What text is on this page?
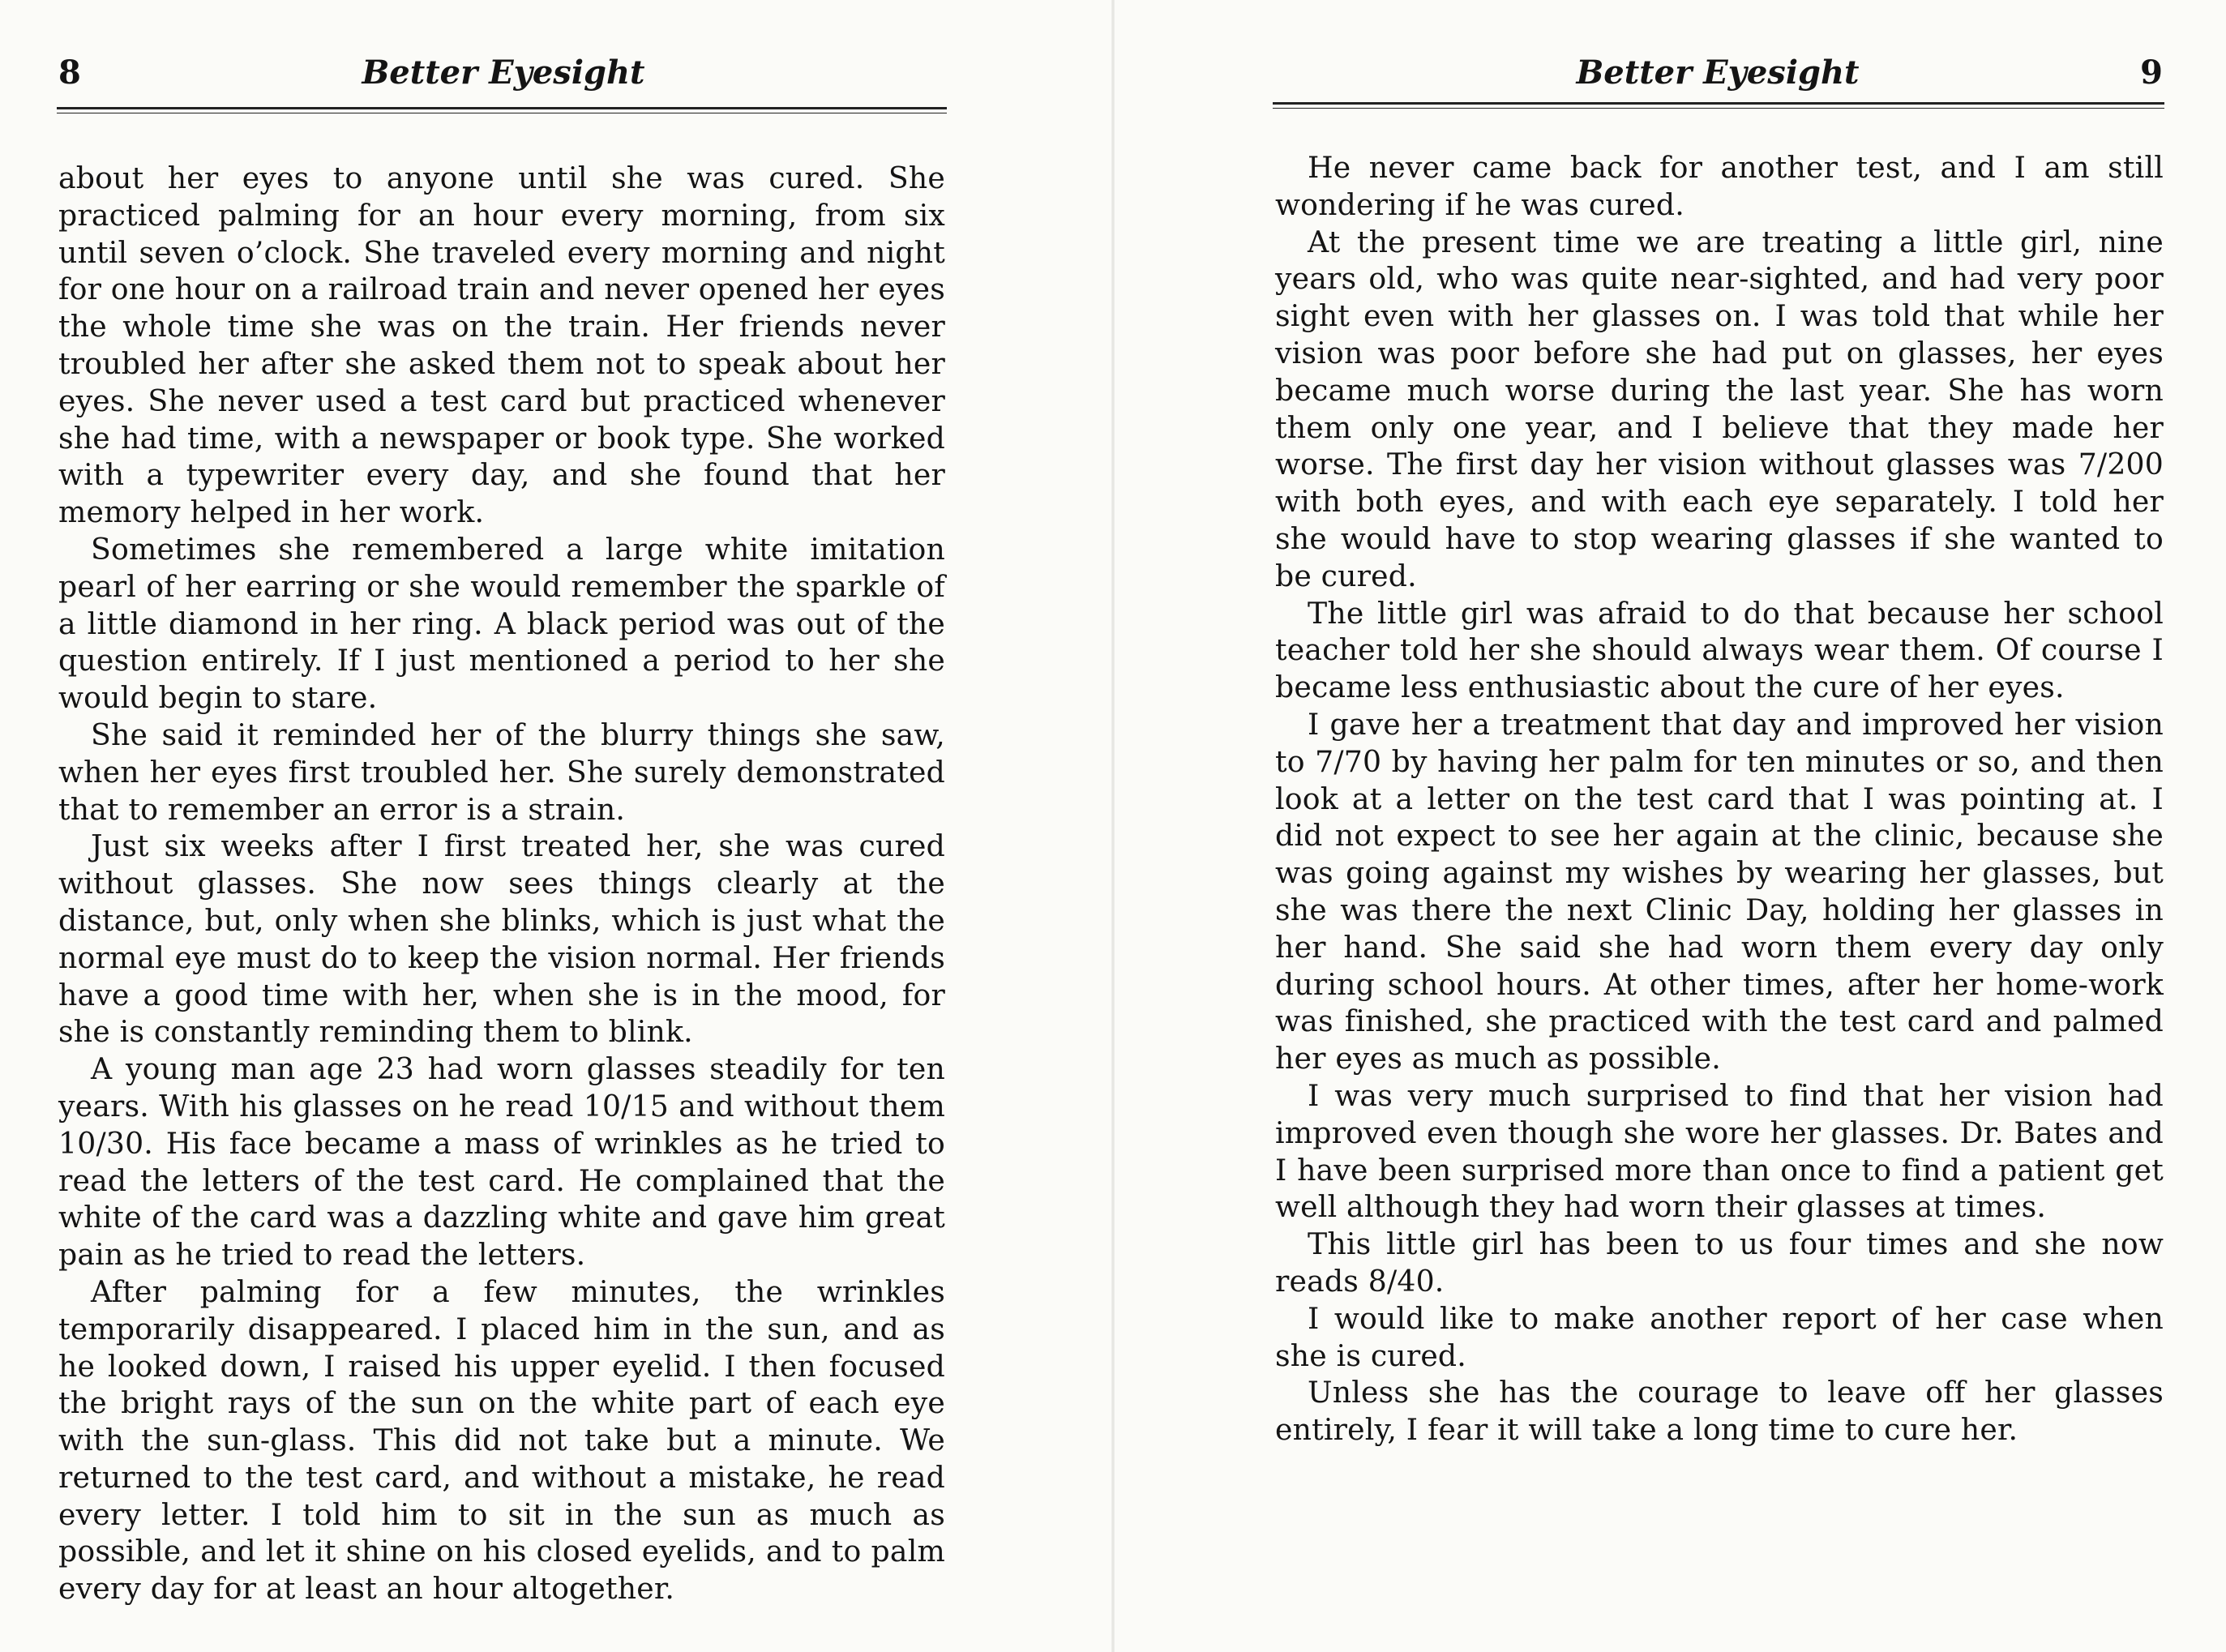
8	Better Eyesight

about her eyes to anyone until she was cured. She practiced palming for an hour every morning, from six until seven o’clock. She traveled every morning and night for one hour on a railroad train and never opened her eyes the whole time she was on the train. Her friends never troubled her after she asked them not to speak about her eyes. She never used a test card but practiced whenever she had time, with a newspaper or book type. She worked with a typewriter every day, and she found that her memory helped in her work.

Sometimes she remembered a large white imitation pearl of her earring or she would remember the sparkle of a little diamond in her ring. A black period was out of the question entirely. If I just mentioned a period to her she would begin to stare.

She said it reminded her of the blurry things she saw, when her eyes first troubled her. She surely demonstrated that to remember an error is a strain.

Just six weeks after I first treated her, she was cured without glasses. She now sees things clearly at the distance, but, only when she blinks, which is just what the normal eye must do to keep the vision normal. Her friends have a good time with her, when she is in the mood, for she is constantly reminding them to blink.

A young man age 23 had worn glasses steadily for ten years. With his glasses on he read 10/15 and without them 10/30. His face became a mass of wrinkles as he tried to read the letters of the test card. He complained that the white of the card was a dazzling white and gave him great pain as he tried to read the letters.

After palming for a few minutes, the wrinkles temporarily disappeared. I placed him in the sun, and as he looked down, I raised his upper eyelid. I then focused the bright rays of the sun on the white part of each eye with the sun-glass. This did not take but a minute. We returned to the test card, and without a mistake, he read every letter. I told him to sit in the sun as much as possible, and let it shine on his closed eyelids, and to palm every day for at least an hour altogether.

Better Eyesight	9

He never came back for another test, and I am still wondering if he was cured.

At the present time we are treating a little girl, nine years old, who was quite near-sighted, and had very poor sight even with her glasses on. I was told that while her vision was poor before she had put on glasses, her eyes became much worse during the last year. She has worn them only one year, and I believe that they made her worse. The first day her vision without glasses was 7/200 with both eyes, and with each eye separately. I told her she would have to stop wearing glasses if she wanted to be cured.

The little girl was afraid to do that because her school teacher told her she should always wear them. Of course I became less enthusiastic about the cure of her eyes.

I gave her a treatment that day and improved her vision to 7/70 by having her palm for ten minutes or so, and then look at a letter on the test card that I was pointing at. I did not expect to see her again at the clinic, because she was going against my wishes by wearing her glasses, but she was there the next Clinic Day, holding her glasses in her hand. She said she had worn them every day only during school hours. At other times, after her home-work was finished, she practiced with the test card and palmed her eyes as much as possible.

I was very much surprised to find that her vision had improved even though she wore her glasses. Dr. Bates and I have been surprised more than once to find a patient get well although they had worn their glasses at times.

This little girl has been to us four times and she now reads 8/40.

I would like to make another report of her case when she is cured.

Unless she has the courage to leave off her glasses entirely, I fear it will take a long time to cure her.
